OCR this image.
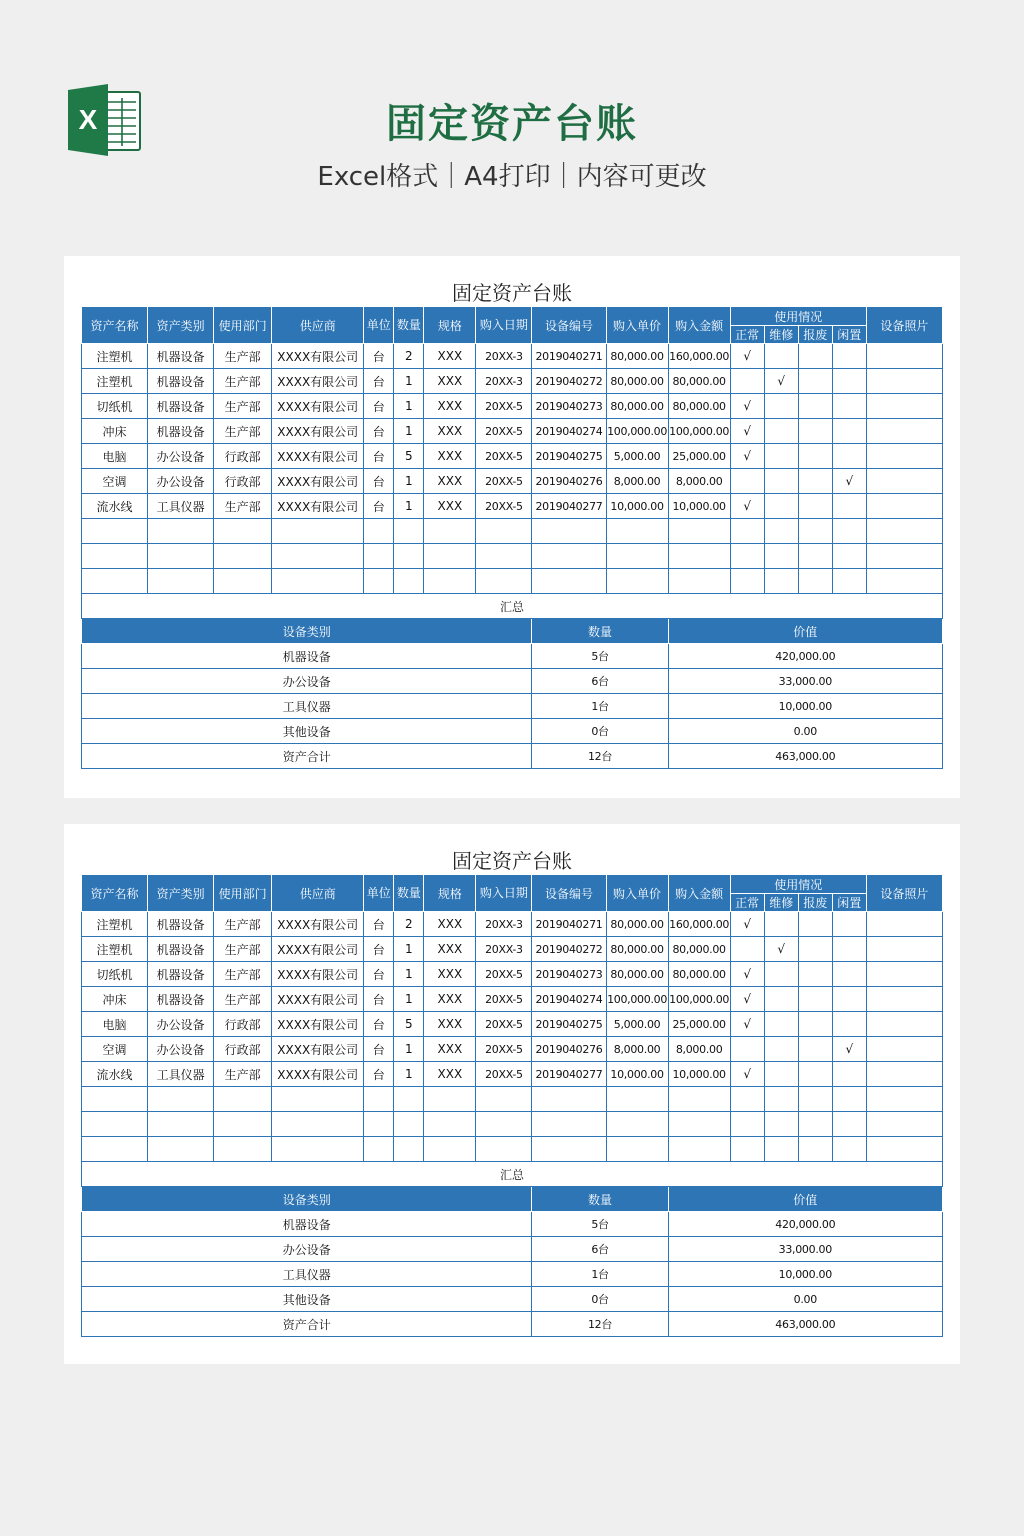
X	固定资产台账
Excel格式｜A4打印｜内容可更改
固定资产台账
资产名称	资产类别	使用部门	供应商	单位	数量	规格	购入日期	设备编号	购入单价	购入金额	使用情况				设备照片
											正常	维修	报废	闲置	
注塑机	机器设备	生产部	XXXX有限公司	台	2	XXX	20XX-3	2019040271	80,000.00	160,000.00	√				
注塑机	机器设备	生产部	XXXX有限公司	台	1	XXX	20XX-3	2019040272	80,000.00	80,000.00		√			
切纸机	机器设备	生产部	XXXX有限公司	台	1	XXX	20XX-5	2019040273	80,000.00	80,000.00	√				
冲床	机器设备	生产部	XXXX有限公司	台	1	XXX	20XX-5	2019040274	100,000.00	100,000.00	√				
电脑	办公设备	行政部	XXXX有限公司	台	5	XXX	20XX-5	2019040275	5,000.00	25,000.00	√				
空调	办公设备	行政部	XXXX有限公司	台	1	XXX	20XX-5	2019040276	8,000.00	8,000.00				√	
流水线	工具仪器	生产部	XXXX有限公司	台	1	XXX	20XX-5	2019040277	10,000.00	10,000.00	√				

汇总															
设备类别								数量		价值					
机器设备								5台		420,000.00					
办公设备								6台		33,000.00					
工具仪器								1台		10,000.00					
其他设备								0台		0.00					
资产合计								12台		463,000.00					
固定资产台账
资产名称	资产类别	使用部门	供应商	单位	数量	规格	购入日期	设备编号	购入单价	购入金额	使用情况				设备照片
											正常	维修	报废	闲置	
注塑机	机器设备	生产部	XXXX有限公司	台	2	XXX	20XX-3	2019040271	80,000.00	160,000.00	√				
注塑机	机器设备	生产部	XXXX有限公司	台	1	XXX	20XX-3	2019040272	80,000.00	80,000.00		√			
切纸机	机器设备	生产部	XXXX有限公司	台	1	XXX	20XX-5	2019040273	80,000.00	80,000.00	√				
冲床	机器设备	生产部	XXXX有限公司	台	1	XXX	20XX-5	2019040274	100,000.00	100,000.00	√				
电脑	办公设备	行政部	XXXX有限公司	台	5	XXX	20XX-5	2019040275	5,000.00	25,000.00	√				
空调	办公设备	行政部	XXXX有限公司	台	1	XXX	20XX-5	2019040276	8,000.00	8,000.00				√	
流水线	工具仪器	生产部	XXXX有限公司	台	1	XXX	20XX-5	2019040277	10,000.00	10,000.00	√				

汇总															
设备类别								数量		价值					
机器设备								5台		420,000.00					
办公设备								6台		33,000.00					
工具仪器								1台		10,000.00					
其他设备								0台		0.00					
资产合计								12台		463,000.00					
